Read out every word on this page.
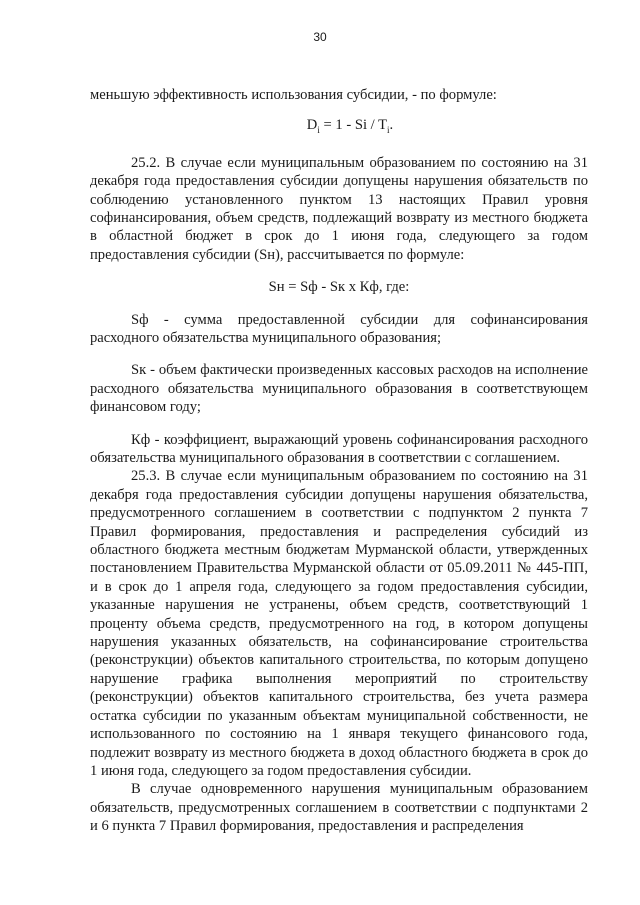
30

меньшую эффективность использования субсидии, - по формуле:

$D_i = 1 - Si / T_i$.

25.2. В случае если муниципальным образованием по состоянию на 31 декабря года предоставления субсидии допущены нарушения обязательств по соблюдению установленного пунктом 13 настоящих Правил уровня софинансирования, объем средств, подлежащий возврату из местного бюджета в областной бюджет в срок до 1 июня года, следующего за годом предоставления субсидии (Sн), рассчитывается по формуле:

Sн = Sф - Sк х Кф, где:

Sф - сумма предоставленной субсидии для софинансирования расходного обязательства муниципального образования;

Sк - объем фактически произведенных кассовых расходов на исполнение расходного обязательства муниципального образования в соответствующем финансовом году;

Кф - коэффициент, выражающий уровень софинансирования расходного обязательства муниципального образования в соответствии с соглашением.

25.3. В случае если муниципальным образованием по состоянию на 31 декабря года предоставления субсидии допущены нарушения обязательства, предусмотренного соглашением в соответствии с подпунктом 2 пункта 7 Правил формирования, предоставления и распределения субсидий из областного бюджета местным бюджетам Мурманской области, утвержденных постановлением Правительства Мурманской области от 05.09.2011 № 445-ПП, и в срок до 1 апреля года, следующего за годом предоставления субсидии, указанные нарушения не устранены, объем средств, соответствующий 1 проценту объема средств, предусмотренного на год, в котором допущены нарушения указанных обязательств, на софинансирование строительства (реконструкции) объектов капитального строительства, по которым допущено нарушение графика выполнения мероприятий по строительству (реконструкции) объектов капитального строительства, без учета размера остатка субсидии по указанным объектам муниципальной собственности, не использованного по состоянию на 1 января текущего финансового года, подлежит возврату из местного бюджета в доход областного бюджета в срок до 1 июня года, следующего за годом предоставления субсидии.

В случае одновременного нарушения муниципальным образованием обязательств, предусмотренных соглашением в соответствии с подпунктами 2 и 6 пункта 7 Правил формирования, предоставления и распределения
